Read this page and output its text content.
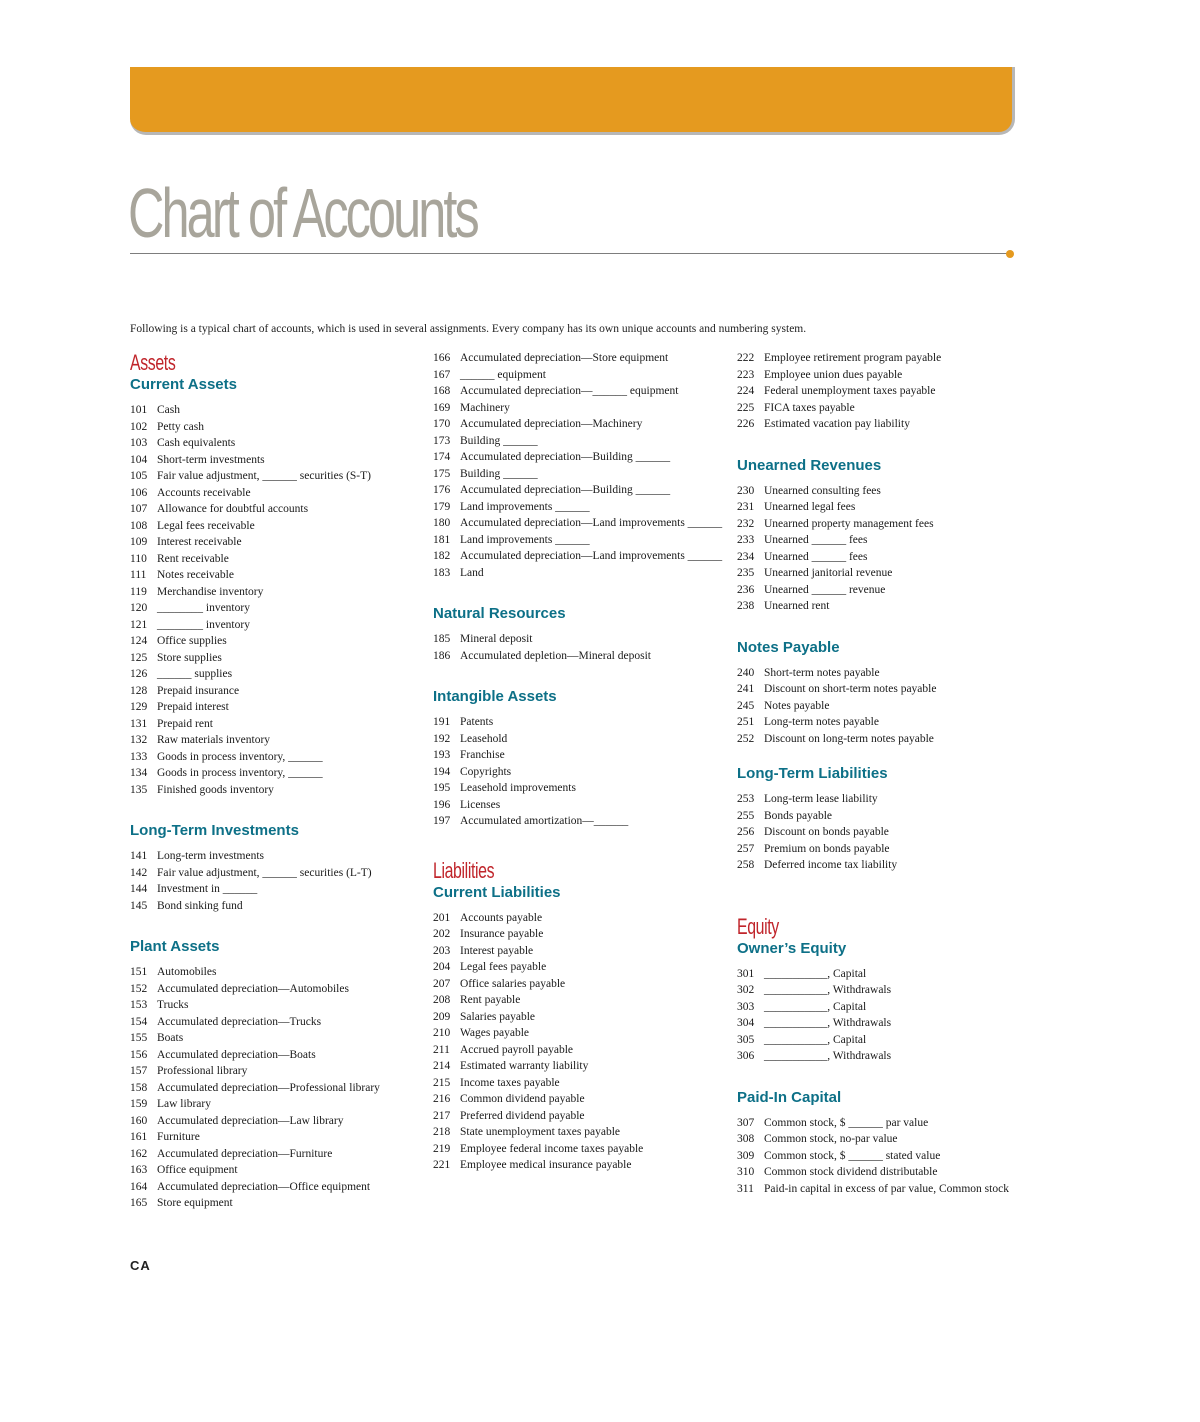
Chart of Accounts

Following is a typical chart of accounts, which is used in several assignments. Every company has its own unique accounts and numbering system.

Assets
Current Assets
101 Cash
102 Petty cash
103 Cash equivalents
104 Short-term investments
105 Fair value adjustment, ______ securities (S-T)
106 Accounts receivable
107 Allowance for doubtful accounts
108 Legal fees receivable
109 Interest receivable
110 Rent receivable
111 Notes receivable
119 Merchandise inventory
120 ________ inventory
121 ________ inventory
124 Office supplies
125 Store supplies
126 ______ supplies
128 Prepaid insurance
129 Prepaid interest
131 Prepaid rent
132 Raw materials inventory
133 Goods in process inventory, ______
134 Goods in process inventory, ______
135 Finished goods inventory
Long-Term Investments
141 Long-term investments
142 Fair value adjustment, ______ securities (L-T)
144 Investment in ______
145 Bond sinking fund
Plant Assets
151 Automobiles
152 Accumulated depreciation—Automobiles
153 Trucks
154 Accumulated depreciation—Trucks
155 Boats
156 Accumulated depreciation—Boats
157 Professional library
158 Accumulated depreciation—Professional library
159 Law library
160 Accumulated depreciation—Law library
161 Furniture
162 Accumulated depreciation—Furniture
163 Office equipment
164 Accumulated depreciation—Office equipment
165 Store equipment
166 Accumulated depreciation—Store equipment
167 ______ equipment
168 Accumulated depreciation—______ equipment
169 Machinery
170 Accumulated depreciation—Machinery
173 Building ______
174 Accumulated depreciation—Building ______
175 Building ______
176 Accumulated depreciation—Building ______
179 Land improvements ______
180 Accumulated depreciation—Land improvements ______
181 Land improvements ______
182 Accumulated depreciation—Land improvements ______
183 Land
Natural Resources
185 Mineral deposit
186 Accumulated depletion—Mineral deposit
Intangible Assets
191 Patents
192 Leasehold
193 Franchise
194 Copyrights
195 Leasehold improvements
196 Licenses
197 Accumulated amortization—______
Liabilities
Current Liabilities
201 Accounts payable
202 Insurance payable
203 Interest payable
204 Legal fees payable
207 Office salaries payable
208 Rent payable
209 Salaries payable
210 Wages payable
211 Accrued payroll payable
214 Estimated warranty liability
215 Income taxes payable
216 Common dividend payable
217 Preferred dividend payable
218 State unemployment taxes payable
219 Employee federal income taxes payable
221 Employee medical insurance payable
222 Employee retirement program payable
223 Employee union dues payable
224 Federal unemployment taxes payable
225 FICA taxes payable
226 Estimated vacation pay liability
Unearned Revenues
230 Unearned consulting fees
231 Unearned legal fees
232 Unearned property management fees
233 Unearned ______ fees
234 Unearned ______ fees
235 Unearned janitorial revenue
236 Unearned ______ revenue
238 Unearned rent
Notes Payable
240 Short-term notes payable
241 Discount on short-term notes payable
245 Notes payable
251 Long-term notes payable
252 Discount on long-term notes payable
Long-Term Liabilities
253 Long-term lease liability
255 Bonds payable
256 Discount on bonds payable
257 Premium on bonds payable
258 Deferred income tax liability
Equity
Owner’s Equity
301 ___________, Capital
302 ___________, Withdrawals
303 ___________, Capital
304 ___________, Withdrawals
305 ___________, Capital
306 ___________, Withdrawals
Paid-In Capital
307 Common stock, $ ______ par value
308 Common stock, no-par value
309 Common stock, $ ______ stated value
310 Common stock dividend distributable
311 Paid-in capital in excess of par value, Common stock
CA
